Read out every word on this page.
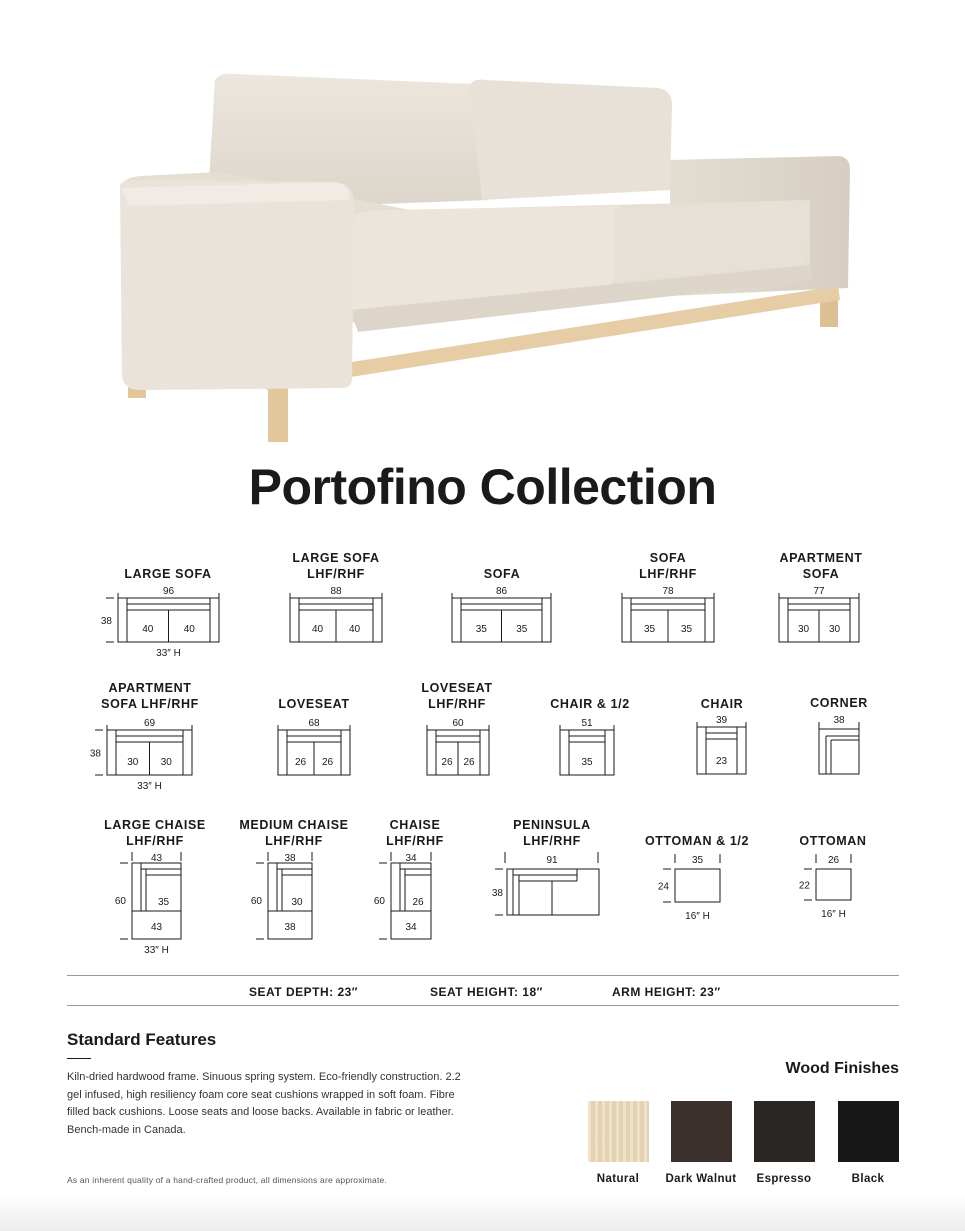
Portofino Collection
LARGE SOFA
96
40	40
38
33″ H
LARGE SOFA
LHF/RHF
88
40	40
SOFA
86
35	35
SOFA
LHF/RHF
78
35	35
APARTMENT
SOFA
77
30 30
APARTMENT
SOFA LHF/RHF
69
30 30
38
33″ H
LOVESEAT
68
26 26
LOVESEAT
LHF/RHF
60
26 26
CHAIR & 1/2
51
35
CHAIR
39
23
CORNER
38
LARGE CHAISE
LHF/RHF
43
60	35
43
33″ H
MEDIUM CHAISE
LHF/RHF
38
60	30
38
CHAISE
LHF/RHF
34
60	26
34
PENINSULA
LHF/RHF
91
38
OTTOMAN & 1/2
35
24
16″ H
OTTOMAN
26
22
16″ H
SEAT DEPTH: 23″	SEAT HEIGHT: 18″	ARM HEIGHT: 23″
Standard Features
Kiln-dried hardwood frame. Sinuous spring system. Eco-friendly construction. 2.2 gel infused, high resiliency foam core seat cushions wrapped in soft foam. Fibre filled back cushions. Loose seats and loose backs. Available in fabric or leather. Bench-made in Canada.
As an inherent quality of a hand-crafted product, all dimensions are approximate.
Wood Finishes
Natural	Dark Walnut	Espresso	Black
